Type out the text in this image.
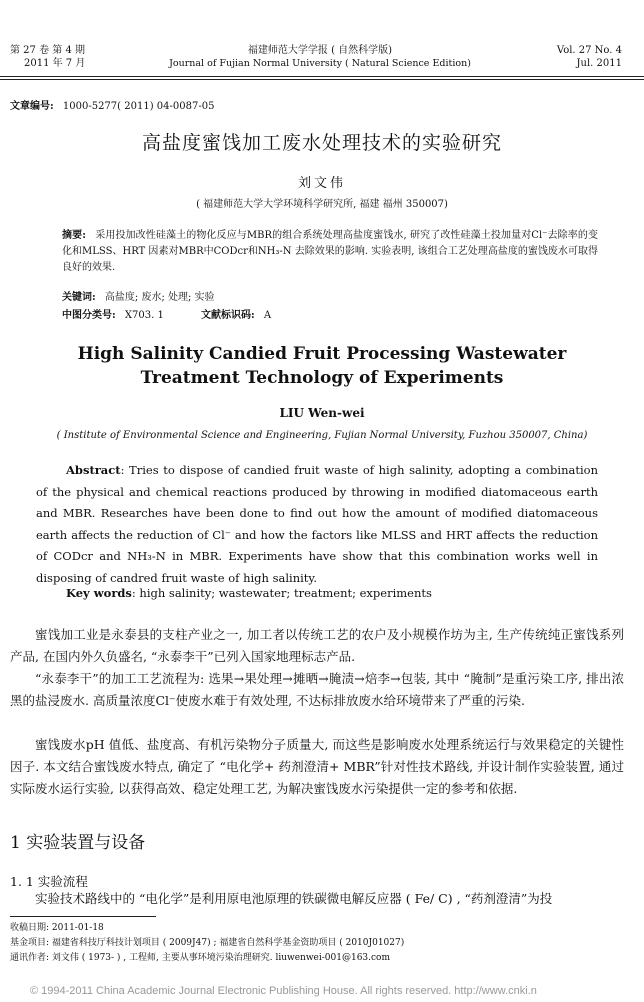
第 27 卷 第 4 期
2011 年 7 月
福建师范大学学报 ( 自然科学版)
Journal of Fujian Normal University ( Natural Science Edition)
Vol. 27 No. 4
Jul. 2011
文章编号: 1000-5277( 2011) 04-0087-05
高盐度蜜饯加工废水处理技术的实验研究
刘文伟
( 福建师范大学大学环境科学研究所, 福建 福州 350007)
摘要: 采用投加改性硅藻土的物化反应与MBR的组合系统处理高盐度蜜饯水, 研究了改性硅藻土投加量对Cl⁻去除率的变化和MLSS、HRT 因素对MBR中CODcr和NH₃-N 去除效果的影响. 实验表明, 该组合工艺处理高盐度的蜜饯废水可取得良好的效果.
关键词: 高盐度; 废水; 处理; 实验
中图分类号: X703. 1	文献标识码: A
High Salinity Candied Fruit Processing Wastewater
Treatment Technology of Experiments
LIU Wen-wei
( Institute of Environmental Science and Engineering, Fujian Normal University, Fuzhou 350007, China)
Abstract: Tries to dispose of candied fruit waste of high salinity, adopting a combination of the physical and chemical reactions produced by throwing in modified diatomaceous earth and MBR. Researches have been done to find out how the amount of modified diatomaceous earth affects the reduction of Cl⁻ and how the factors like MLSS and HRT affects the reduction of CODcr and NH₃-N in MBR. Experiments have show that this combination works well in disposing of candred fruit waste of high salinity.
Key words: high salinity; wastewater; treatment; experiments
蜜饯加工业是永泰县的支柱产业之一, 加工者以传统工艺的农户及小规模作坊为主, 生产传统纯正蜜饯系列产品, 在国内外久负盛名, “永泰李干”已列入国家地理标志产品.
“永泰李干”的加工工艺流程为: 选果→果处理→摊晒→腌渍→焙李→包装, 其中 “腌制”是重污染工序, 排出浓黑的盐浸废水. 高质量浓度Cl⁻使废水难于有效处理, 不达标排放废水给环境带来了严重的污染.
蜜饯废水pH 值低、盐度高、有机污染物分子质量大, 而这些是影响废水处理系统运行与效果稳定的关键性因子. 本文结合蜜饯废水特点, 确定了 “电化学+ 药剂澄清+ MBR”针对性技术路线, 并设计制作实验装置, 通过实际废水运行实验, 以获得高效、稳定处理工艺, 为解决蜜饯废水污染提供一定的参考和依据.
1 实验装置与设备
1. 1 实验流程
实验技术路线中的 “电化学”是利用原电池原理的铁碳微电解反应器 ( Fe/ C) , “药剂澄清”为投
收稿日期: 2011-01-18
基金项目: 福建省科技厅科技计划项目 ( 2009J47) ; 福建省自然科学基金资助项目 ( 2010J01027)
通讯作者: 刘文伟 ( 1973- ) , 工程师, 主要从事环境污染治理研究. liuwenwei-001@163.com
© 1994-2011 China Academic Journal Electronic Publishing House. All rights reserved. http://www.cnki.n
